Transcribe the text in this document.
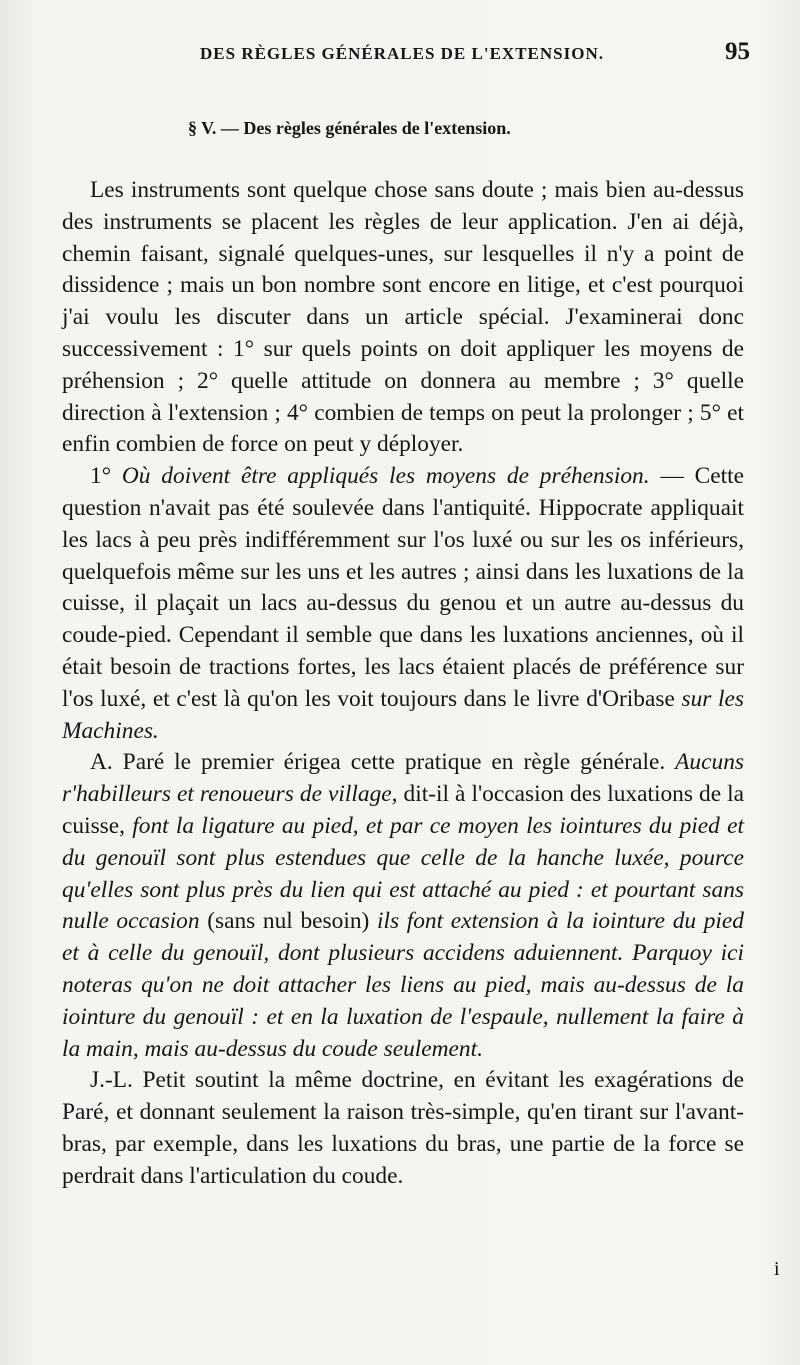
DES RÈGLES GÉNÉRALES DE L'EXTENSION.	95
§ V. — Des règles générales de l'extension.

Les instruments sont quelque chose sans doute ; mais bien au-dessus des instruments se placent les règles de leur application. J'en ai déjà, chemin faisant, signalé quelques-unes, sur lesquelles il n'y a point de dissidence ; mais un bon nombre sont encore en litige, et c'est pourquoi j'ai voulu les discuter dans un article spécial. J'examinerai donc successivement : 1° sur quels points on doit appliquer les moyens de préhension ; 2° quelle attitude on donnera au membre ; 3° quelle direction à l'extension ; 4° combien de temps on peut la prolonger ; 5° et enfin combien de force on peut y déployer.

1° Où doivent être appliqués les moyens de préhension. — Cette question n'avait pas été soulevée dans l'antiquité. Hippocrate appliquait les lacs à peu près indifféremment sur l'os luxé ou sur les os inférieurs, quelquefois même sur les uns et les autres ; ainsi dans les luxations de la cuisse, il plaçait un lacs au-dessus du genou et un autre au-dessus du coude-pied. Cependant il semble que dans les luxations anciennes, où il était besoin de tractions fortes, les lacs étaient placés de préférence sur l'os luxé, et c'est là qu'on les voit toujours dans le livre d'Oribase sur les Machines.

A. Paré le premier érigea cette pratique en règle générale. Aucuns r'habilleurs et renoueurs de village, dit-il à l'occasion des luxations de la cuisse, font la ligature au pied, et par ce moyen les iointures du pied et du genouïl sont plus estendues que celle de la hanche luxée, pource qu'elles sont plus près du lien qui est attaché au pied : et pourtant sans nulle occasion (sans nul besoin) ils font extension à la iointure du pied et à celle du genouïl, dont plusieurs accidens aduiennent. Parquoy ici noteras qu'on ne doit attacher les liens au pied, mais au-dessus de la iointure du genouïl : et en la luxation de l'espaule, nullement la faire à la main, mais au-dessus du coude seulement.

J.-L. Petit soutint la même doctrine, en évitant les exagérations de Paré, et donnant seulement la raison très-simple, qu'en tirant sur l'avant-bras, par exemple, dans les luxations du bras, une partie de la force se perdrait dans l'articulation du coude.

i
